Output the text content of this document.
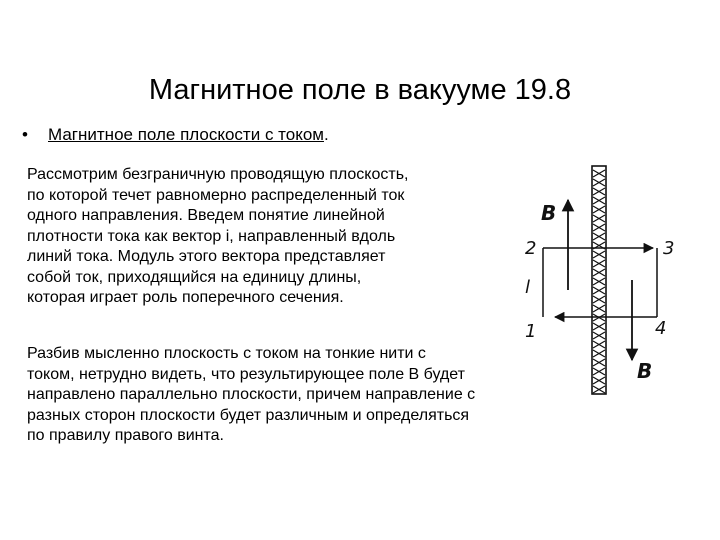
Магнитное поле в вакууме 19.8
• Магнитное поле плоскости с током.
Рассмотрим безграничную проводящую плоскость,
по которой течет равномерно распределенный ток
одного направления. Введем понятие линейной
плотности тока как вектор i, направленный вдоль
линий тока. Модуль этого вектора представляет
собой ток, приходящийся на единицу длины,
которая играет роль поперечного сечения.
Разбив мысленно плоскость с током на тонкие нити с
током, нетрудно видеть, что результирующее поле В будет
направлено параллельно плоскости, причем направление с
разных сторон плоскости будет различным и определяться
по правилу правого винта.
B
B
2	3
1	4
l
